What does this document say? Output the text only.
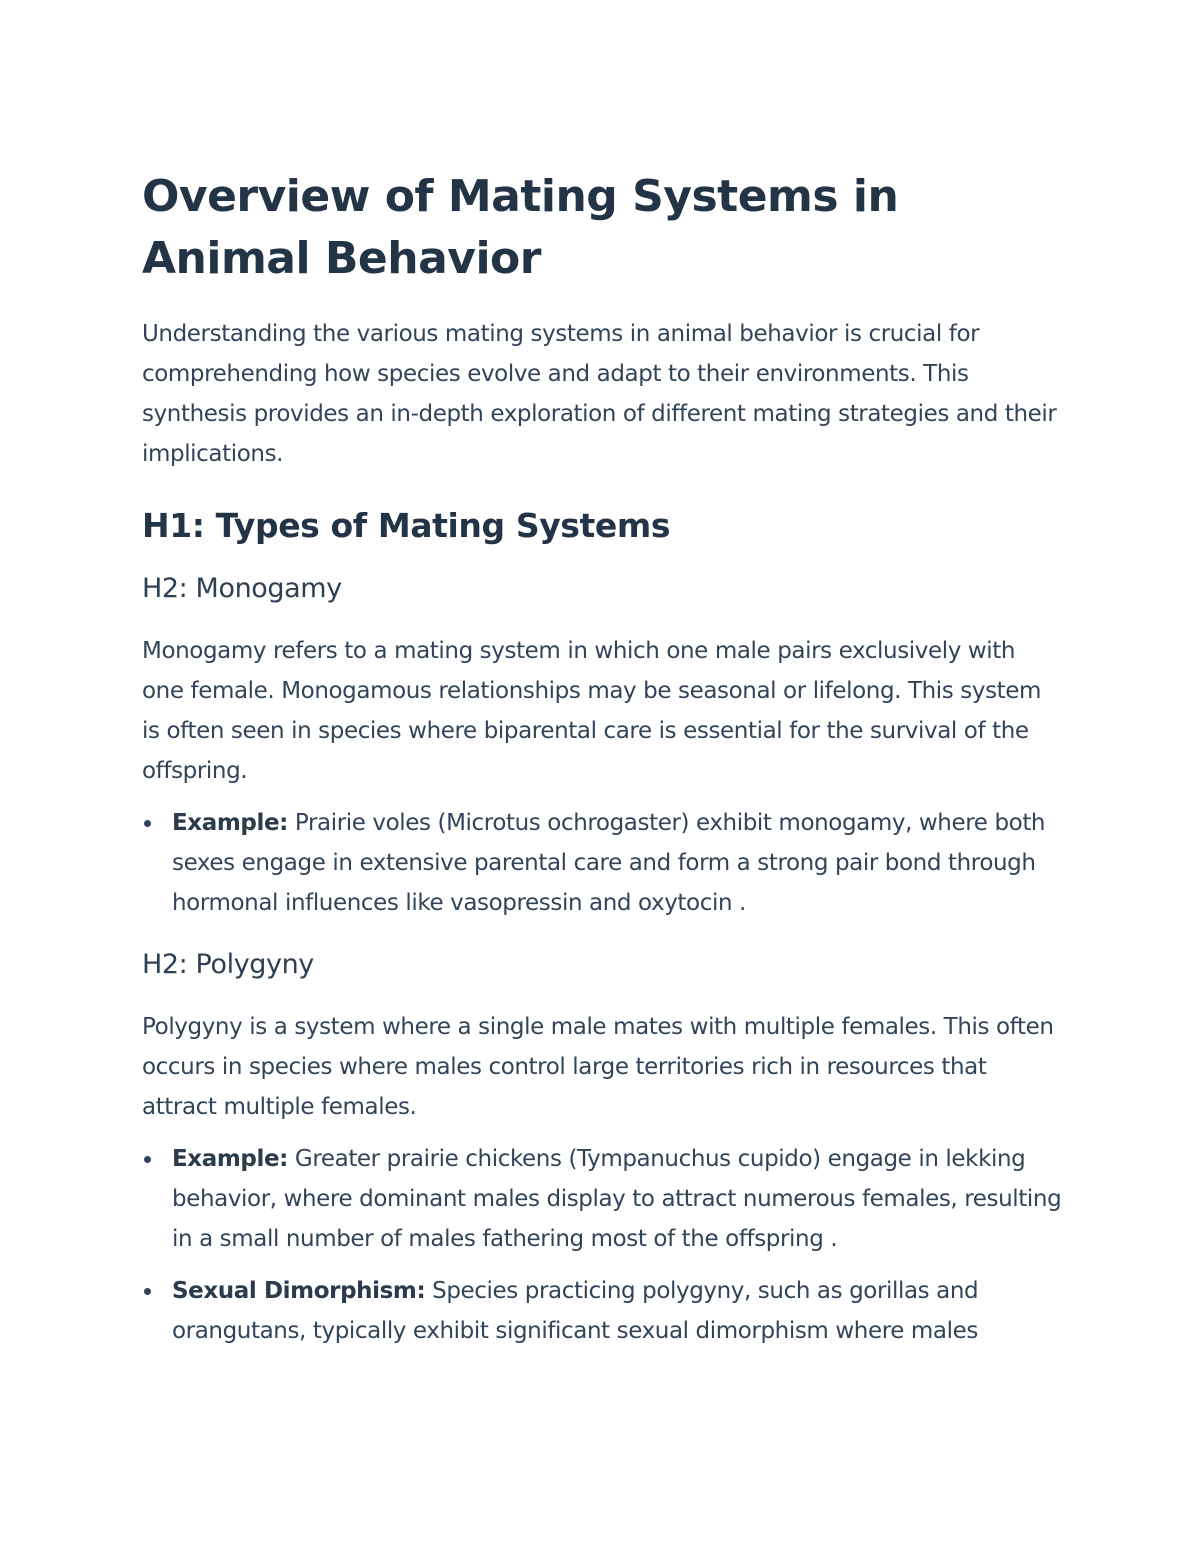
Overview of Mating Systems in Animal Behavior

Understanding the various mating systems in animal behavior is crucial for comprehending how species evolve and adapt to their environments. This synthesis provides an in-depth exploration of different mating strategies and their implications.

H1: Types of Mating Systems
H2: Monogamy

Monogamy refers to a mating system in which one male pairs exclusively with one female. Monogamous relationships may be seasonal or lifelong. This system is often seen in species where biparental care is essential for the survival of the offspring.

Example: Prairie voles (Microtus ochrogaster) exhibit monogamy, where both sexes engage in extensive parental care and form a strong pair bond through hormonal influences like vasopressin and oxytocin .
H2: Polygyny

Polygyny is a system where a single male mates with multiple females. This often occurs in species where males control large territories rich in resources that attract multiple females.

Example: Greater prairie chickens (Tympanuchus cupido) engage in lekking behavior, where dominant males display to attract numerous females, resulting in a small number of males fathering most of the offspring .
Sexual Dimorphism: Species practicing polygyny, such as gorillas and orangutans, typically exhibit significant sexual dimorphism where males
